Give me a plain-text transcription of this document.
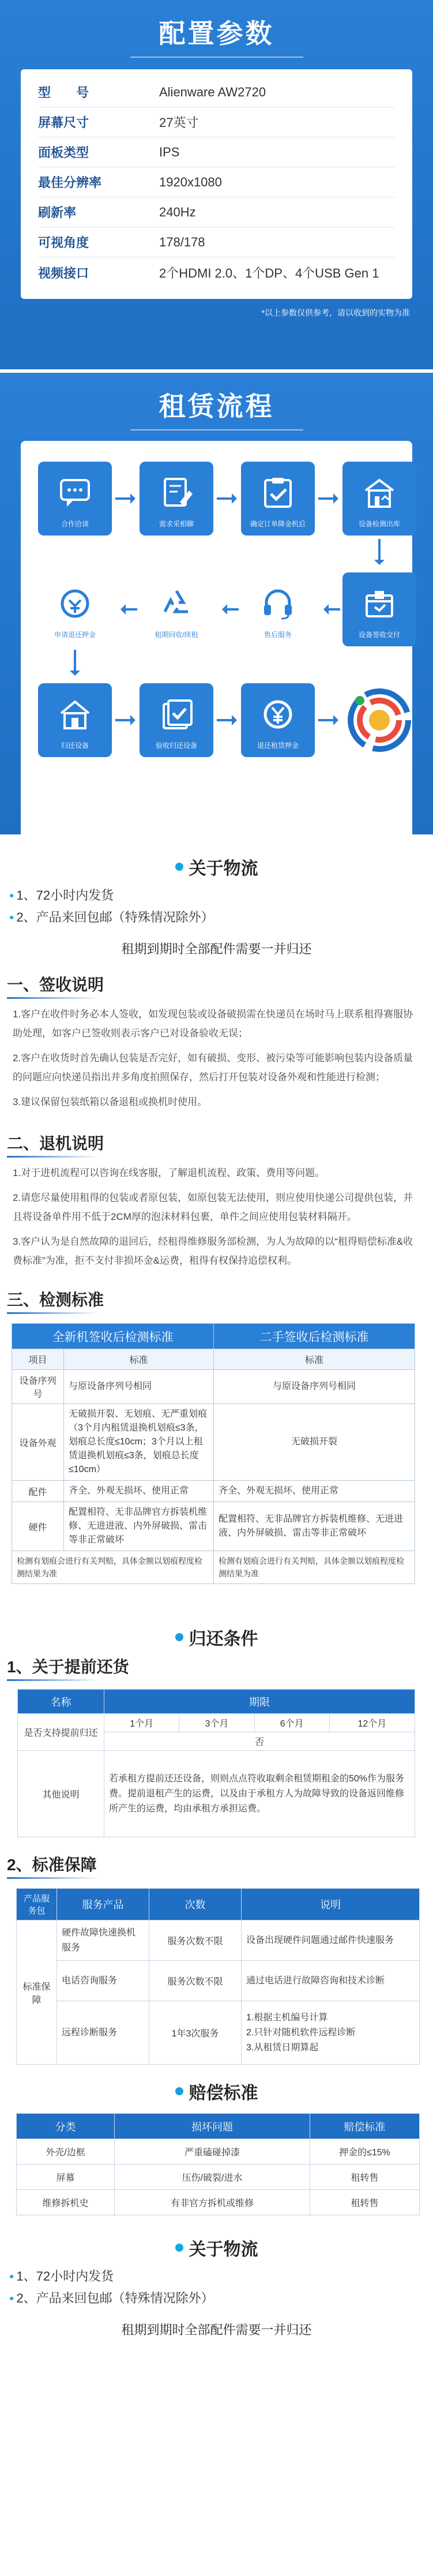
配置参数
型　　号	Alienware AW2720
屏幕尺寸	27英寸
面板类型	IPS
最佳分辨率	1920x1080
刷新率	240Hz
可视角度	178/178
视频接口	2个HDMI 2.0、1个DP、4个USB Gen 1
*以上参数仅供参考，请以收到的实物为准
租赁流程
合作洽谈	需求采相聊	确定订单降金机后	设备检测出库
设备签收交付
售后服务
租期回收/续租
申请退还押金
归还设备	验收归还设备	退还租赁押金
关于物流
● 1、72小时内发货
● 2、产品来回包邮（特殊情况除外）
租期到期时全部配件需要一并归还
一、签收说明
1.客户在收件时务必本人签收，如发现包装或设备破损需在快递员在场时马上联系租得赛服协助处理，如客户已签收则表示客户已对设备验收无误；
2.客户在收货时首先确认包装是否完好，如有破损、变形、被污染等可能影响包装内设备质量的问题应向快递员指出并多角度拍照保存，然后打开包装对设备外观和性能进行检测；
3.建议保留包装纸箱以备退租或换机时使用。
二、退机说明
1.对于进机流程可以咨询在线客服，了解退机流程、政策、费用等问题。
2.请您尽量使用租得的包装或者原包装，如原包装无法使用，则应使用快递公司提供包装，并且将设备单件用不低于2CM厚的泡沫材料包裹，单件之间应使用包装材料隔开。
3.客户认为是自然故障的退回后，经租得维修服务部检测，为人为故障的以“租得赔偿标准&收费标准”为准，拒不支付非损坏金&运费，租得有权保持追偿权利。
三、检测标准
全新机签收后检测标准		二手签收后检测标准
项目	标准	标准
设备序列号	与原设备序列号相同	与原设备序列号相同
设备外观	无破损开裂、无划痕、无严重划痕（3个月内租赁退换机划痕≤3条，划痕总长度≤10cm；3个月以上租赁退换机划痕≤3条，划痕总长度≤10cm）	无破损开裂
配件	齐全、外观无损坏、使用正常	齐全、外观无损坏、使用正常
硬件	配置相符、无非品牌官方拆装机维修、无进进液、内外屏破损、雷击等非正常破坏	配置相符、无非品牌官方拆装机维修、无进进液、内外屏破损、雷击等非正常破坏
检测有划痕会进行有关判赔，具体金额以划痕程度检测结果为准		检测有划痕会进行有关判赔，具体金额以划痕程度检测结果为准
归还条件
1、关于提前还货
名称	期限			
是否支持提前归还	1个月	3个月	6个月	12个月
	否			
其他说明	若承租方提前还还设备，则则点点符收取剩余租赁期租金的50%作为服务费。提前退租产生的运费，以及由于承租方人为故障导致的设备返回维修所产生的运费，均由承租方承担运费。			
2、标准保障
产品服务包	服务产品	次数	说明
标准保障	硬件故障快速换机服务	服务次数不限	设备出现硬件问题通过邮件快速服务
	电话咨询服务	服务次数不限	通过电话进行故障咨询和技术诊断
	远程诊断服务	1年3次服务	1.根据主机编号计算
2.只针对随机软件远程诊断
3.从租赁日期算起
赔偿标准
分类	损坏问题	赔偿标准
外壳/边框	严重磕碰掉漆	押金的≤15%
屏幕	压伤/破裂/进水	租转售
维修拆机史	有非官方拆机或维修	租转售
关于物流
● 1、72小时内发货
● 2、产品来回包邮（特殊情况除外）
租期到期时全部配件需要一并归还
